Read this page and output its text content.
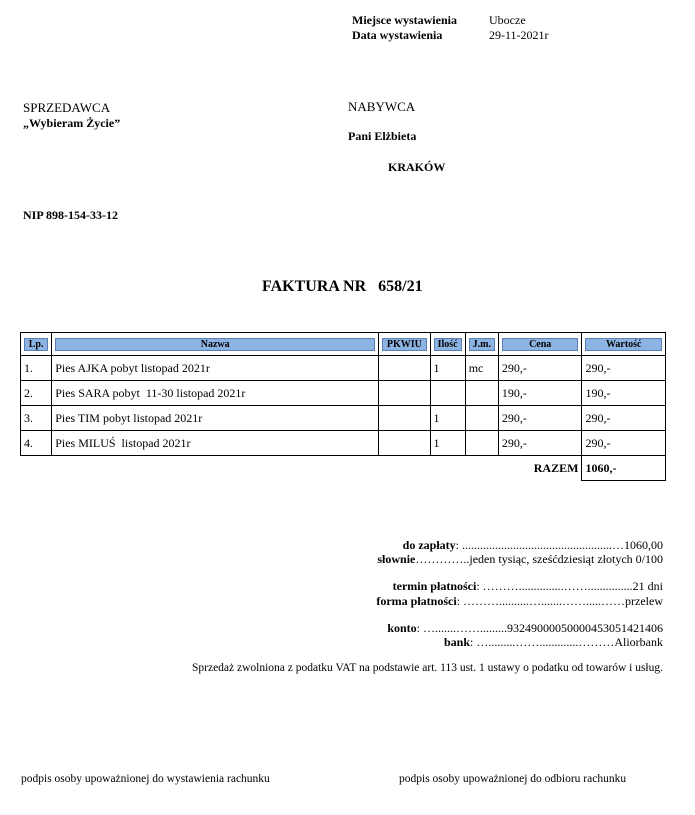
Miejsce wystawienia	Ubocze
Data wystawienia	29-11-2021r
SPRZEDAWCA
„Wybieram Życie”
NIP 898-154-33-12
NABYWCA
Pani Elżbieta
KRAKÓW
FAKTURA NR   658/21
Lp.	Nazwa	PKWIU	Ilość	J.m.	Cena	Wartość

1.	Pies AJKA pobyt listopad 2021r		1	mc	290,-	290,-
2.	Pies SARA pobyt  11-30 listopad 2021r				190,-	190,-
3.	Pies TIM pobyt listopad 2021r		1		290,-	290,-
4.	Pies MILUŚ  listopad 2021r		1		290,-	290,-
					RAZEM	1060,-
do zapłaty: ..................................................…1060,00
słownie…………..jeden tysiąc, sześćdziesiąt złotych 0/100
termin płatności: ………...............……...............21 dni
forma płatności: ………..........….......…….....……przelew
konto: ….......…….........93249000050000453051421406
bank: ….........…….............………Aliorbank
Sprzedaż zwolniona z podatku VAT na podstawie art. 113 ust. 1 ustawy o podatku od towarów i usług.
podpis osoby upoważnionej do wystawienia rachunku	podpis osoby upoważnionej do odbioru rachunku
